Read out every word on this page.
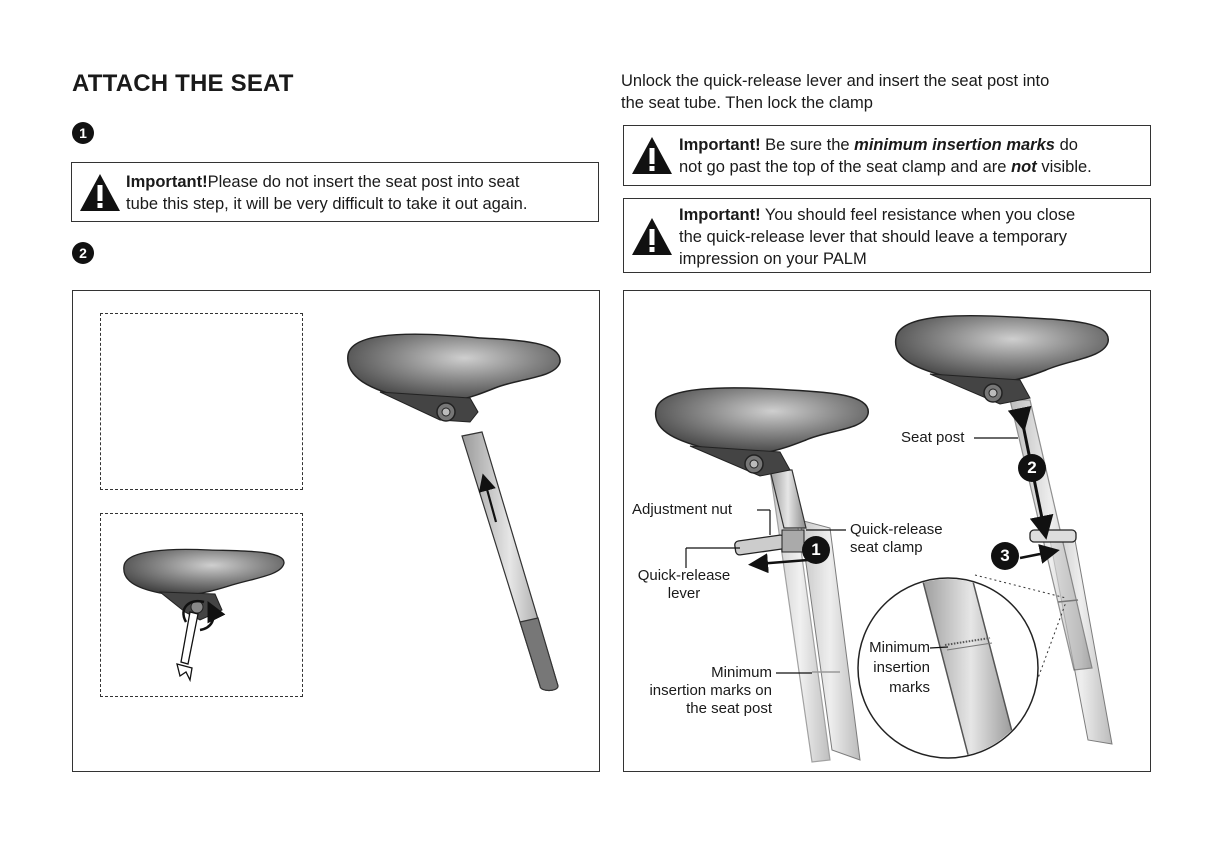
ATTACH THE SEAT
1
2
Important!Please do not insert the seat post into seat
tube this step, it will be very difficult to take it out again.
Unlock the quick-release lever and insert the seat post into
the seat tube. Then lock the clamp
Important! Be sure the minimum insertion marks do
not go past the top of the seat clamp and are not visible.
Important! You should feel resistance when you close
the quick-release lever that should leave a temporary
impression on your PALM
Adjustment nut
Quick-release
seat clamp
Quick-release
lever
Seat post
Minimum
insertion marks on
the seat post
Minimum
insertion
marks
1
2
3
